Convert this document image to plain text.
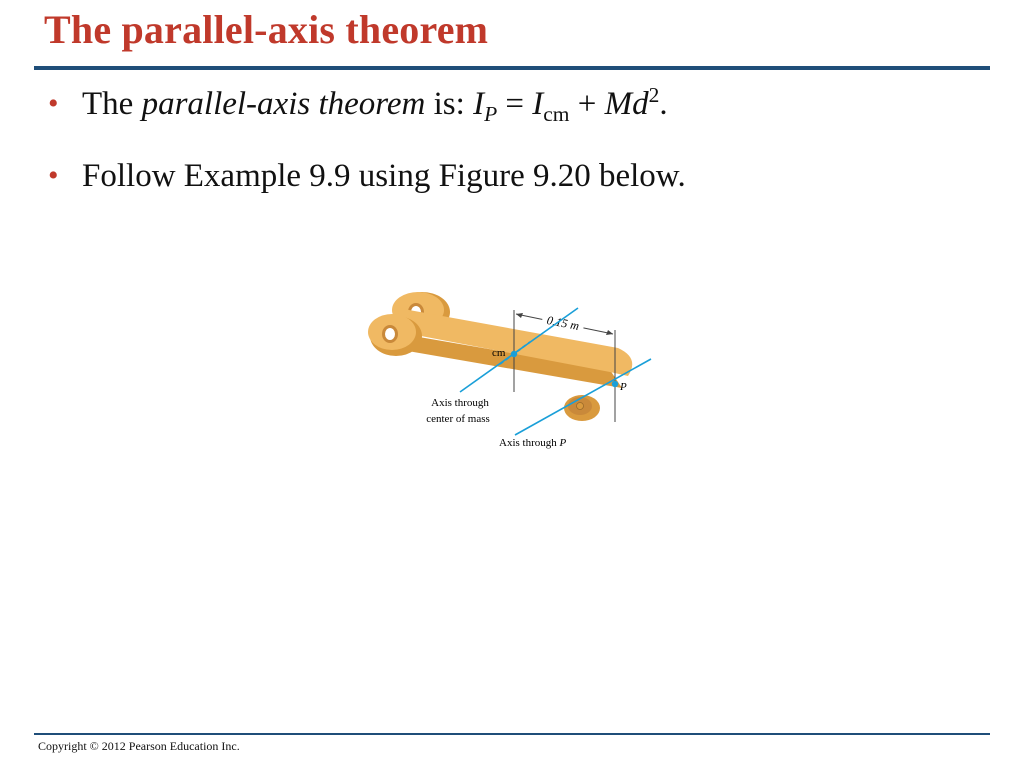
The parallel-axis theorem
• The parallel-axis theorem is: $I_P = I_{cm} + Md^2$.
• Follow Example 9.9 using Figure 9.20 below.
0.15 m
cm
P
Axis through
center of mass
Axis through P
Copyright © 2012 Pearson Education Inc.
